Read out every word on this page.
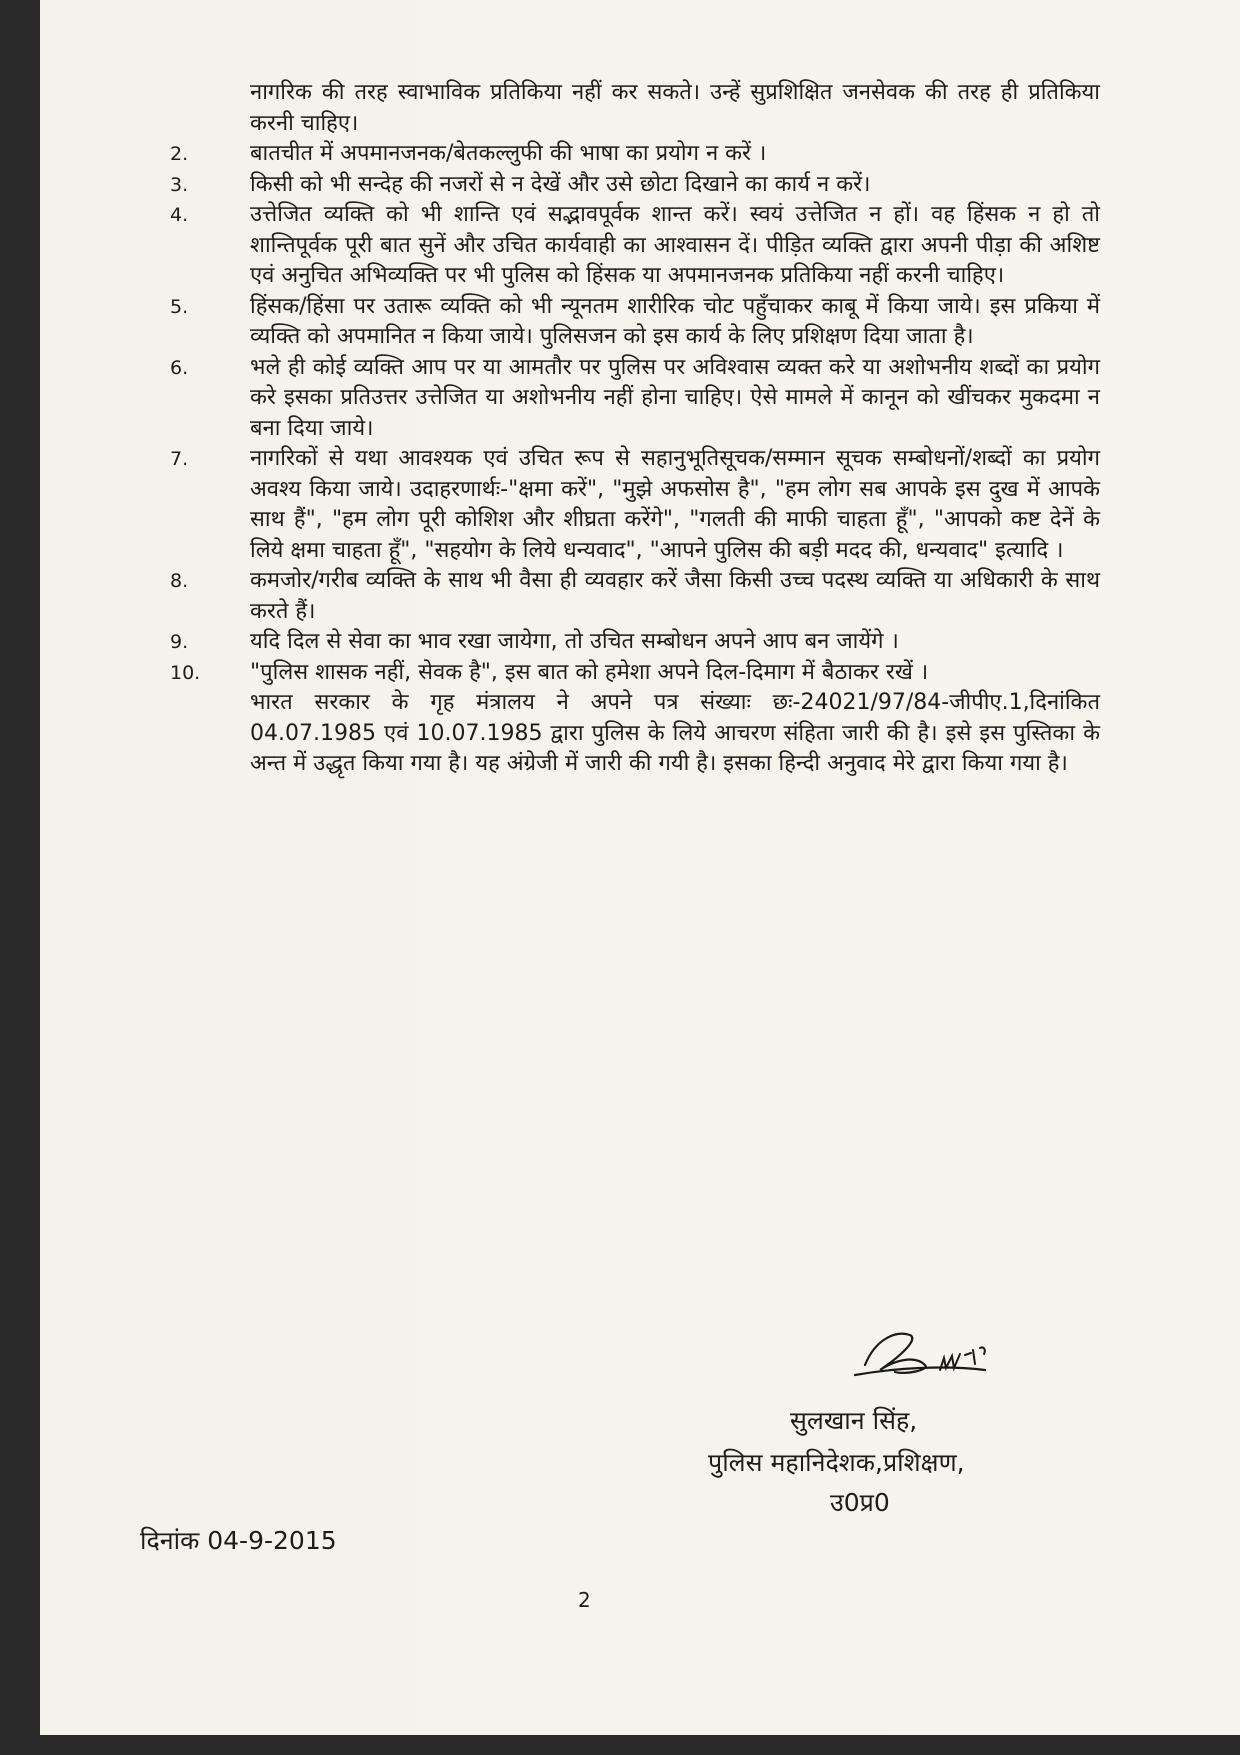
नागरिक की तरह स्वाभाविक प्रतिकिया नहीं कर सकते। उन्हें सुप्रशिक्षित जनसेवक की तरह ही प्रतिकिया करनी चाहिए।
2.	बातचीत में अपमानजनक/बेतकल्लुफी की भाषा का प्रयोग न करें ।
3.	किसी को भी सन्देह की नजरों से न देखें और उसे छोटा दिखाने का कार्य न करें।
4.	उत्तेजित व्यक्ति को भी शान्ति एवं सद्भावपूर्वक शान्त करें। स्वयं उत्तेजित न हों। वह हिंसक न हो तो शान्तिपूर्वक पूरी बात सुनें और उचित कार्यवाही का आश्वासन दें। पीड़ित व्यक्ति द्वारा अपनी पीड़ा की अशिष्ट एवं अनुचित अभिव्यक्ति पर भी पुलिस को हिंसक या अपमानजनक प्रतिकिया नहीं करनी चाहिए।
5.	हिंसक/हिंसा पर उतारू व्यक्ति को भी न्यूनतम शारीरिक चोट पहुँचाकर काबू में किया जाये। इस प्रकिया में व्यक्ति को अपमानित न किया जाये। पुलिसजन को इस कार्य के लिए प्रशिक्षण दिया जाता है।
6.	भले ही कोई व्यक्ति आप पर या आमतौर पर पुलिस पर अविश्वास व्यक्त करे या अशोभनीय शब्दों का प्रयोग करे इसका प्रतिउत्तर उत्तेजित या अशोभनीय नहीं होना चाहिए। ऐसे मामले में कानून को खींचकर मुकदमा न बना दिया जाये।
7.	नागरिकों से यथा आवश्यक एवं उचित रूप से सहानुभूतिसूचक/सम्मान सूचक सम्बोधनों/शब्दों का प्रयोग अवश्य किया जाये। उदाहरणार्थः-"क्षमा करें", "मुझे अफसोस है", "हम लोग सब आपके इस दुख में आपके साथ हैं", "हम लोग पूरी कोशिश और शीघ्रता करेंगे", "गलती की माफी चाहता हूँ", "आपको कष्ट देनें के लिये क्षमा चाहता हूँ", "सहयोग के लिये धन्यवाद", "आपने पुलिस की बड़ी मदद की, धन्यवाद" इत्यादि ।
8.	कमजोर/गरीब व्यक्ति के साथ भी वैसा ही व्यवहार करें जैसा किसी उच्च पदस्थ व्यक्ति या अधिकारी के साथ करते हैं।
9.	यदि दिल से सेवा का भाव रखा जायेगा, तो उचित सम्बोधन अपने आप बन जायेंगे ।
10.	"पुलिस शासक नहीं, सेवक है", इस बात को हमेशा अपने दिल-दिमाग में बैठाकर रखें ।
भारत सरकार के गृह मंत्रालय ने अपने पत्र संख्याः छः-24021/97/84-जीपीए.1,दिनांकित 04.07.1985 एवं 10.07.1985 द्वारा पुलिस के लिये आचरण संहिता जारी की है। इसे इस पुस्तिका के अन्त में उद्धृत किया गया है। यह अंग्रेजी में जारी की गयी है। इसका हिन्दी अनुवाद मेरे द्वारा किया गया है।
सुलखान सिंह,
पुलिस महानिदेशक,प्रशिक्षण,
उ0प्र0
दिनांक 04-9-2015
2
